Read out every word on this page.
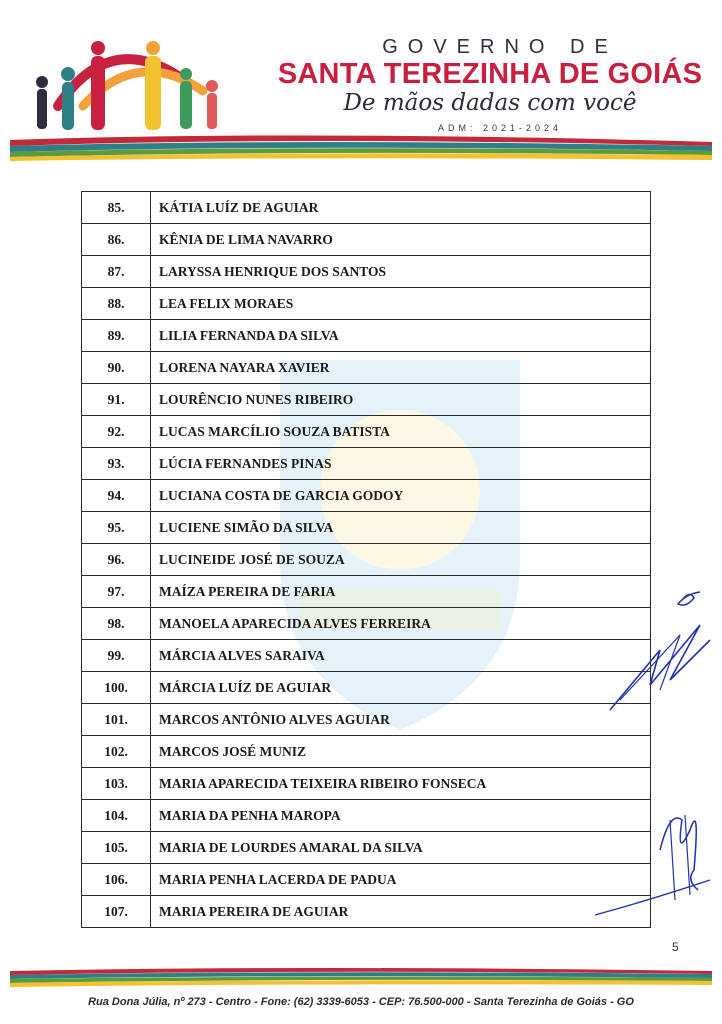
GOVERNO DE
SANTA TEREZINHA DE GOIÁS
De mãos dadas com você
ADM: 2021-2024
85.	KÁTIA LUÍZ DE AGUIAR
86.	KÊNIA DE LIMA NAVARRO
87.	LARYSSA HENRIQUE DOS SANTOS
88.	LEA FELIX MORAES
89.	LILIA FERNANDA DA SILVA
90.	LORENA NAYARA XAVIER
91.	LOURÊNCIO NUNES RIBEIRO
92.	LUCAS MARCÍLIO SOUZA BATISTA
93.	LÚCIA FERNANDES PINAS
94.	LUCIANA COSTA DE GARCIA GODOY
95.	LUCIENE SIMÃO DA SILVA
96.	LUCINEIDE JOSÉ DE SOUZA
97.	MAÍZA PEREIRA DE FARIA
98.	MANOELA APARECIDA ALVES FERREIRA
99.	MÁRCIA ALVES SARAIVA
100.	MÁRCIA LUÍZ DE AGUIAR
101.	MARCOS ANTÔNIO ALVES AGUIAR
102.	MARCOS JOSÉ MUNIZ
103.	MARIA APARECIDA TEIXEIRA RIBEIRO FONSECA
104.	MARIA DA PENHA MAROPA
105.	MARIA DE LOURDES AMARAL DA SILVA
106.	MARIA PENHA LACERDA DE PADUA
107.	MARIA PEREIRA DE AGUIAR
5
Rua Dona Júlia, nº 273 - Centro - Fone: (62) 3339-6053 - CEP: 76.500-000 - Santa Terezinha de Goiás - GO
